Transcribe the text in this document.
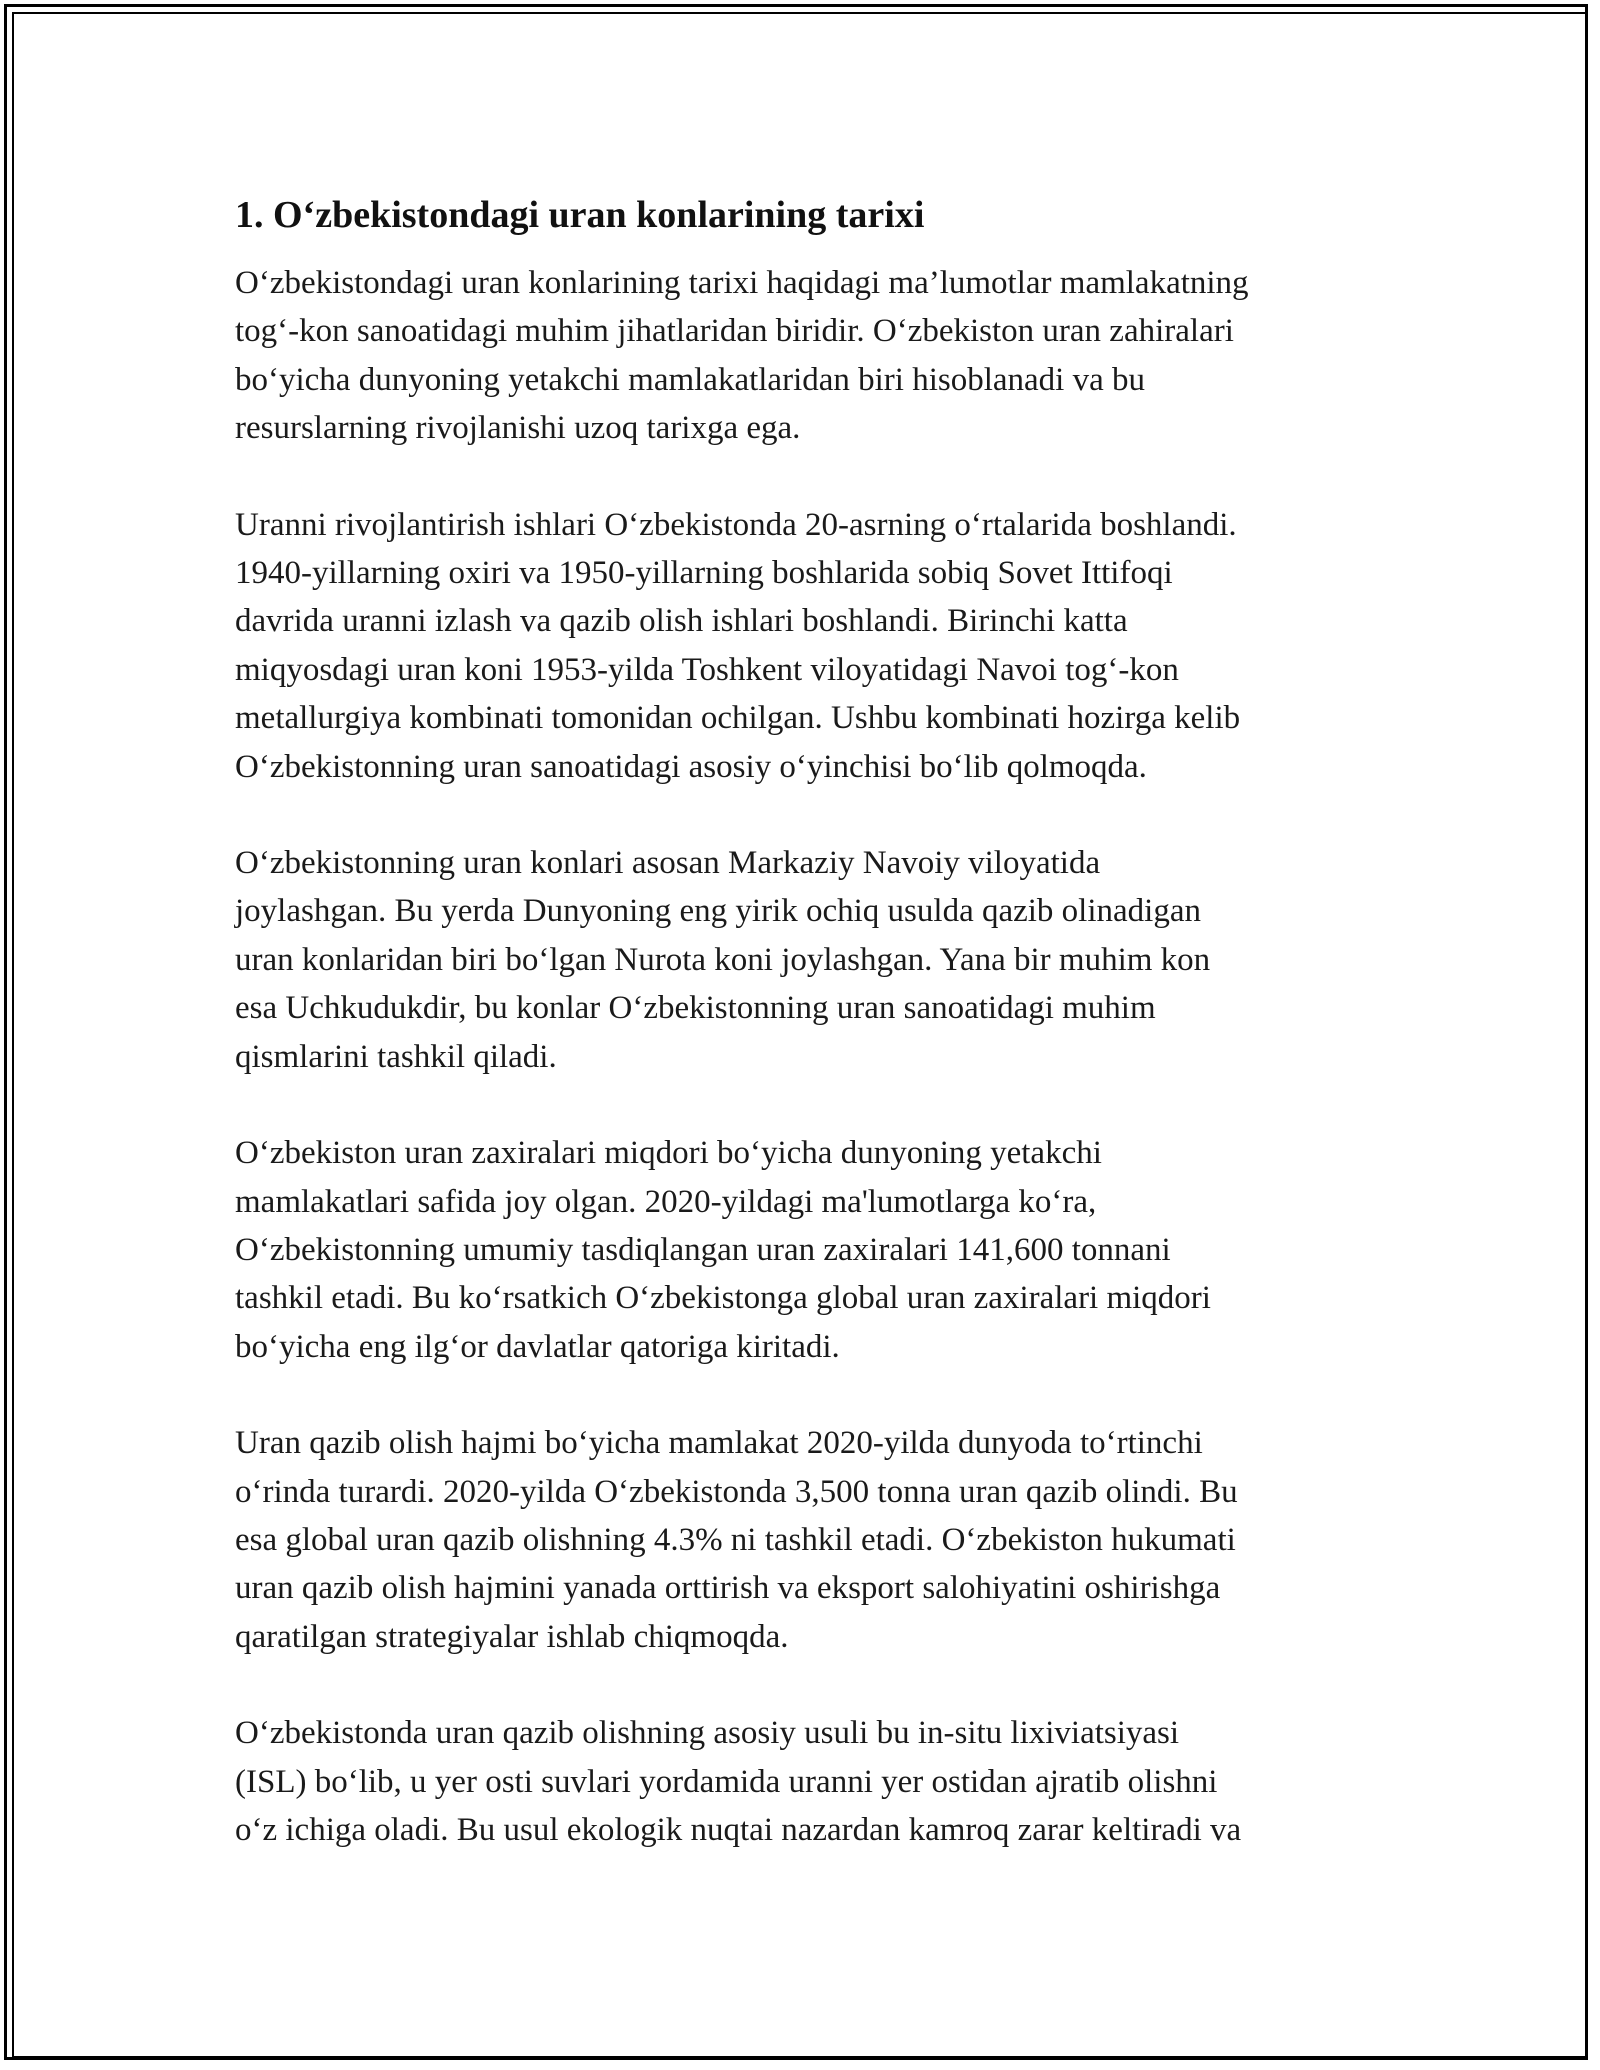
1. O‘zbekistondagi uran konlarining tarixi

O‘zbekistondagi uran konlarining tarixi haqidagi ma’lumotlar mamlakatning
tog‘-kon sanoatidagi muhim jihatlaridan biridir. O‘zbekiston uran zahiralari
bo‘yicha dunyoning yetakchi mamlakatlaridan biri hisoblanadi va bu
resurslarning rivojlanishi uzoq tarixga ega.

Uranni rivojlantirish ishlari O‘zbekistonda 20-asrning o‘rtalarida boshlandi.
1940-yillarning oxiri va 1950-yillarning boshlarida sobiq Sovet Ittifoqi
davrida uranni izlash va qazib olish ishlari boshlandi. Birinchi katta
miqyosdagi uran koni 1953-yilda Toshkent viloyatidagi Navoi tog‘-kon
metallurgiya kombinati tomonidan ochilgan. Ushbu kombinati hozirga kelib
O‘zbekistonning uran sanoatidagi asosiy o‘yinchisi bo‘lib qolmoqda.

O‘zbekistonning uran konlari asosan Markaziy Navoiy viloyatida
joylashgan. Bu yerda Dunyoning eng yirik ochiq usulda qazib olinadigan
uran konlaridan biri bo‘lgan Nurota koni joylashgan. Yana bir muhim kon
esa Uchkudukdir, bu konlar O‘zbekistonning uran sanoatidagi muhim
qismlarini tashkil qiladi.

O‘zbekiston uran zaxiralari miqdori bo‘yicha dunyoning yetakchi
mamlakatlari safida joy olgan. 2020-yildagi ma'lumotlarga ko‘ra,
O‘zbekistonning umumiy tasdiqlangan uran zaxiralari 141,600 tonnani
tashkil etadi. Bu ko‘rsatkich O‘zbekistonga global uran zaxiralari miqdori
bo‘yicha eng ilg‘or davlatlar qatoriga kiritadi.

Uran qazib olish hajmi bo‘yicha mamlakat 2020-yilda dunyoda to‘rtinchi
o‘rinda turardi. 2020-yilda O‘zbekistonda 3,500 tonna uran qazib olindi. Bu
esa global uran qazib olishning 4.3% ni tashkil etadi. O‘zbekiston hukumati
uran qazib olish hajmini yanada orttirish va eksport salohiyatini oshirishga
qaratilgan strategiyalar ishlab chiqmoqda.

O‘zbekistonda uran qazib olishning asosiy usuli bu in-situ lixiviatsiyasi
(ISL) bo‘lib, u yer osti suvlari yordamida uranni yer ostidan ajratib olishni
o‘z ichiga oladi. Bu usul ekologik nuqtai nazardan kamroq zarar keltiradi va
